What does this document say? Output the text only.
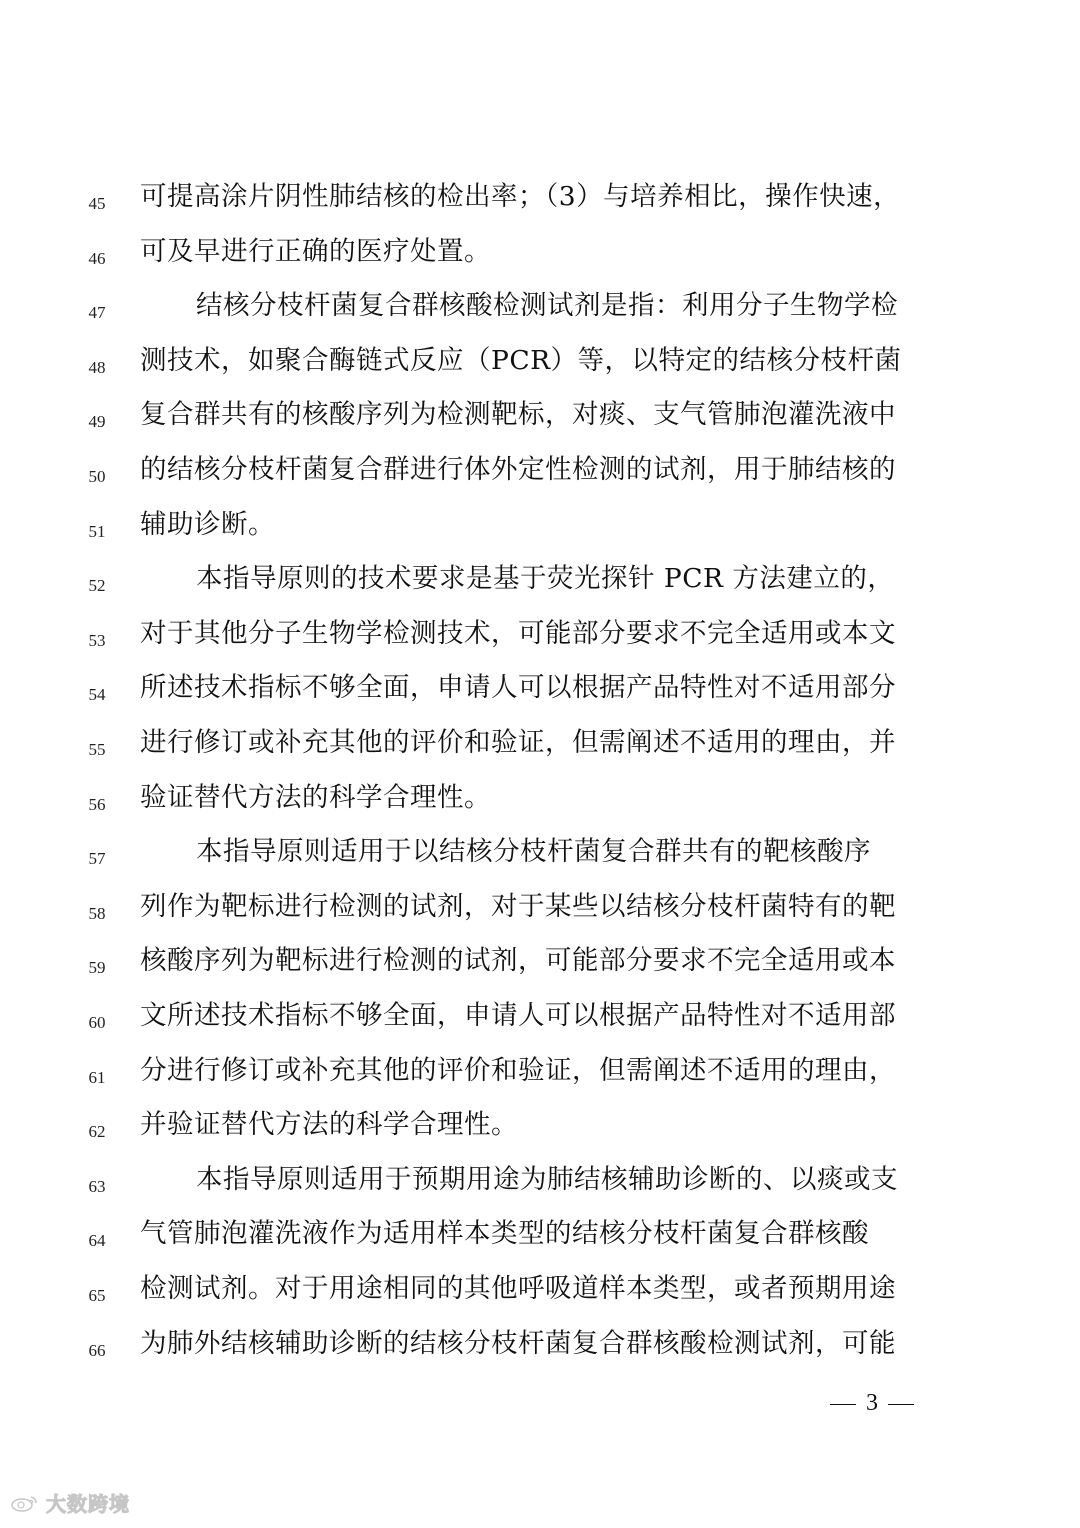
45	可提高涂片阴性肺结核的检出率；（3）与培养相比，操作快速，
46	可及早进行正确的医疗处置。
47	结核分枝杆菌复合群核酸检测试剂是指：利用分子生物学检
48	测技术，如聚合酶链式反应（PCR）等，以特定的结核分枝杆菌
49	复合群共有的核酸序列为检测靶标，对痰、支气管肺泡灌洗液中
50	的结核分枝杆菌复合群进行体外定性检测的试剂，用于肺结核的
51	辅助诊断。
52	本指导原则的技术要求是基于荧光探针 PCR 方法建立的，
53	对于其他分子生物学检测技术，可能部分要求不完全适用或本文
54	所述技术指标不够全面，申请人可以根据产品特性对不适用部分
55	进行修订或补充其他的评价和验证，但需阐述不适用的理由，并
56	验证替代方法的科学合理性。
57	本指导原则适用于以结核分枝杆菌复合群共有的靶核酸序
58	列作为靶标进行检测的试剂，对于某些以结核分枝杆菌特有的靶
59	核酸序列为靶标进行检测的试剂，可能部分要求不完全适用或本
60	文所述技术指标不够全面，申请人可以根据产品特性对不适用部
61	分进行修订或补充其他的评价和验证，但需阐述不适用的理由，
62	并验证替代方法的科学合理性。
63	本指导原则适用于预期用途为肺结核辅助诊断的、以痰或支
64	气管肺泡灌洗液作为适用样本类型的结核分枝杆菌复合群核酸
65	检测试剂。对于用途相同的其他呼吸道样本类型，或者预期用途
66	为肺外结核辅助诊断的结核分枝杆菌复合群核酸检测试剂，可能
3
大数跨境
